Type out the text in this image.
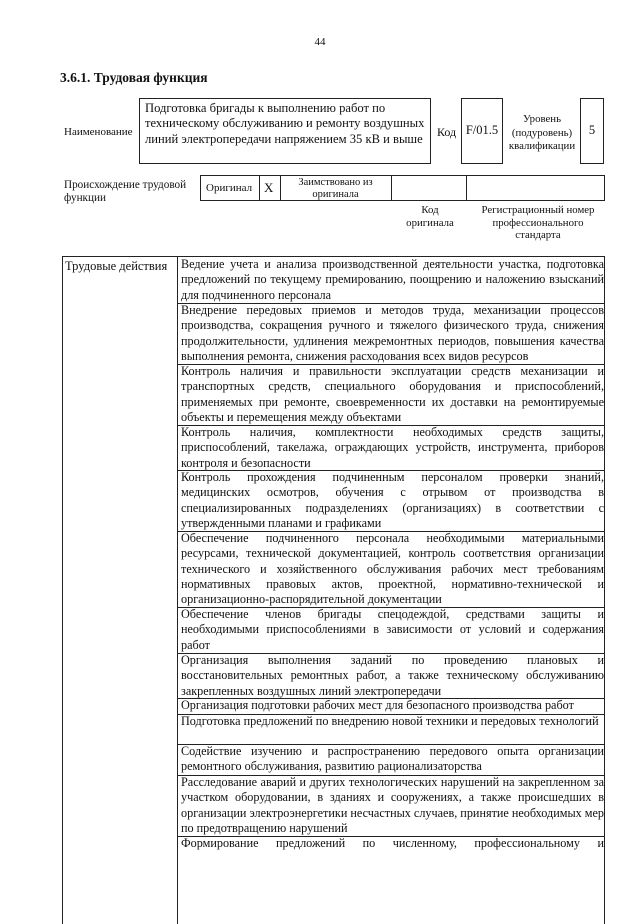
44
3.6.1. Трудовая функция
Наименование
Подготовка бригады к выполнению работ по техническому обслуживанию и ремонту воздушных линий электропередачи напряжением 35 кВ и выше	Код F/01.5
Уровень (подуровень) квалификации
5
Происхождение трудовой функции
Оригинал X	Заимствовано из оригинала
Код оригинала
Регистрационный номер профессионального стандарта
Трудовые действия Ведение учета и анализа производственной деятельности участка, подготовка предложений по текущему премированию, поощрению и наложению взысканий для подчиненного персонала
Внедрение передовых приемов и методов труда, механизации процессов производства, сокращения ручного и тяжелого физического труда, снижения продолжительности, удлинения межремонтных периодов, повышения качества выполнения ремонта, снижения расходования всех видов ресурсов
Контроль наличия и правильности эксплуатации средств механизации и транспортных средств, специального оборудования и приспособлений, применяемых при ремонте, своевременности их доставки на ремонтируемые объекты и перемещения между объектами
Контроль наличия, комплектности необходимых средств защиты, приспособлений, такелажа, ограждающих устройств, инструмента, приборов контроля и безопасности
Контроль прохождения подчиненным персоналом проверки знаний, медицинских осмотров, обучения с отрывом от производства в специализированных подразделениях (организациях) в соответствии с утвержденными планами и графиками
Обеспечение подчиненного персонала необходимыми материальными ресурсами, технической документацией, контроль соответствия организации технического и хозяйственного обслуживания рабочих мест требованиям нормативных правовых актов, проектной, нормативно-технической и организационно-распорядительной документации
Обеспечение членов бригады спецодеждой, средствами защиты и необходимыми приспособлениями в зависимости от условий и содержания работ
Организация выполнения заданий по проведению плановых и восстановительных ремонтных работ, а также техническому обслуживанию закрепленных воздушных линий электропередачи
Организация подготовки рабочих мест для безопасного производства работ
Подготовка предложений по внедрению новой техники и передовых технологий
Содействие изучению и распространению передового опыта организации ремонтного обслуживания, развитию рационализаторства
Расследование аварий и других технологических нарушений на закрепленном за участком оборудовании, в зданиях и сооружениях, а также происшедших в организации электроэнергетики несчастных случаев, принятие необходимых мер по предотвращению нарушений
Формирование предложений по численному, профессиональному и
